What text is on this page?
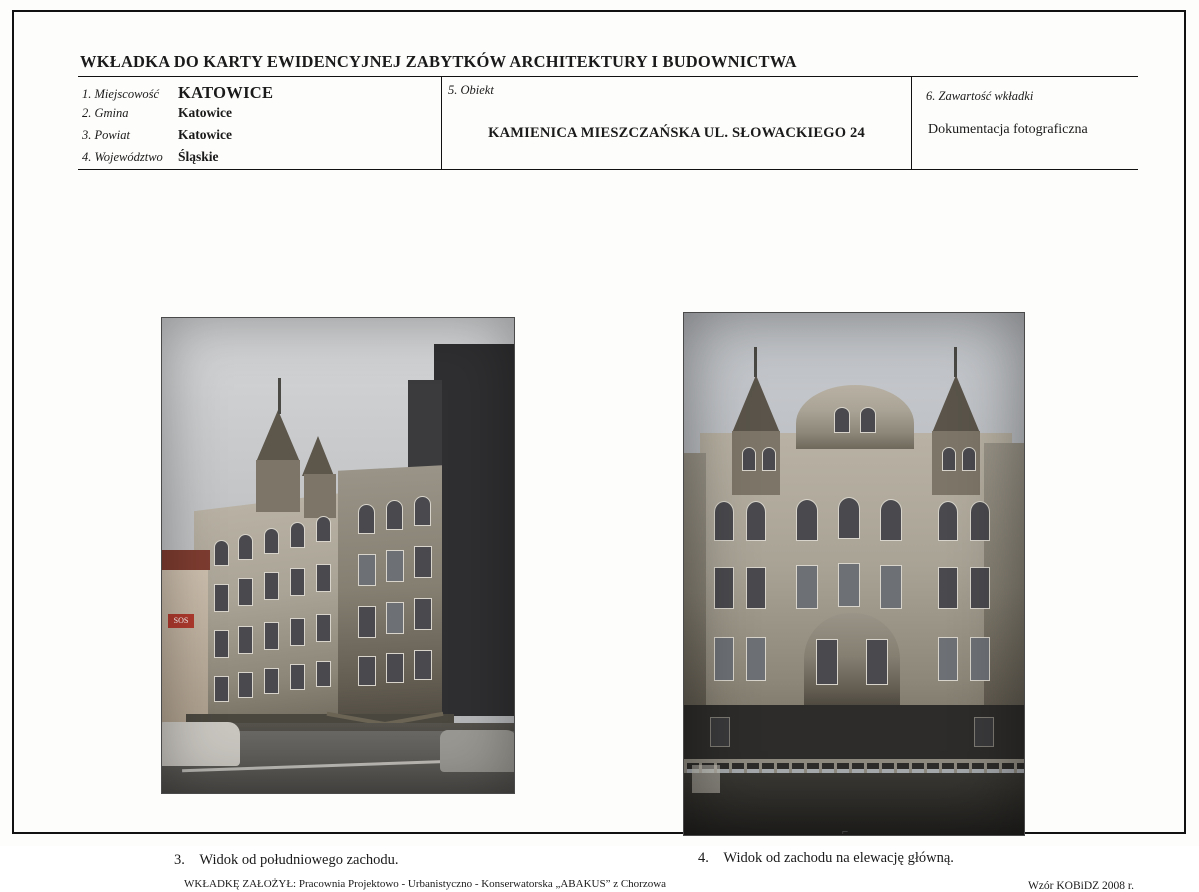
WKŁADKA DO KARTY EWIDENCYJNEJ ZABYTKÓW ARCHITEKTURY I BUDOWNICTWA
1. Miejscowość	KATOWICE
2. Gmina	Katowice
3. Powiat	Katowice
4. Województwo	Śląskie
5. Obiekt
KAMIENICA MIESZCZAŃSKA UL. SŁOWACKIEGO 24
6. Zawartość wkładki
Dokumentacja fotograficzna
SOS
3. Widok od południowego zachodu.	4. Widok od zachodu na elewację główną.
WKŁADKĘ ZAŁOŻYŁ: Pracownia Projektowo - Urbanistyczno - Konserwatorska „ABAKUS” z Chorzowa	Wzór KOBiDZ 2008 r.
⌐
